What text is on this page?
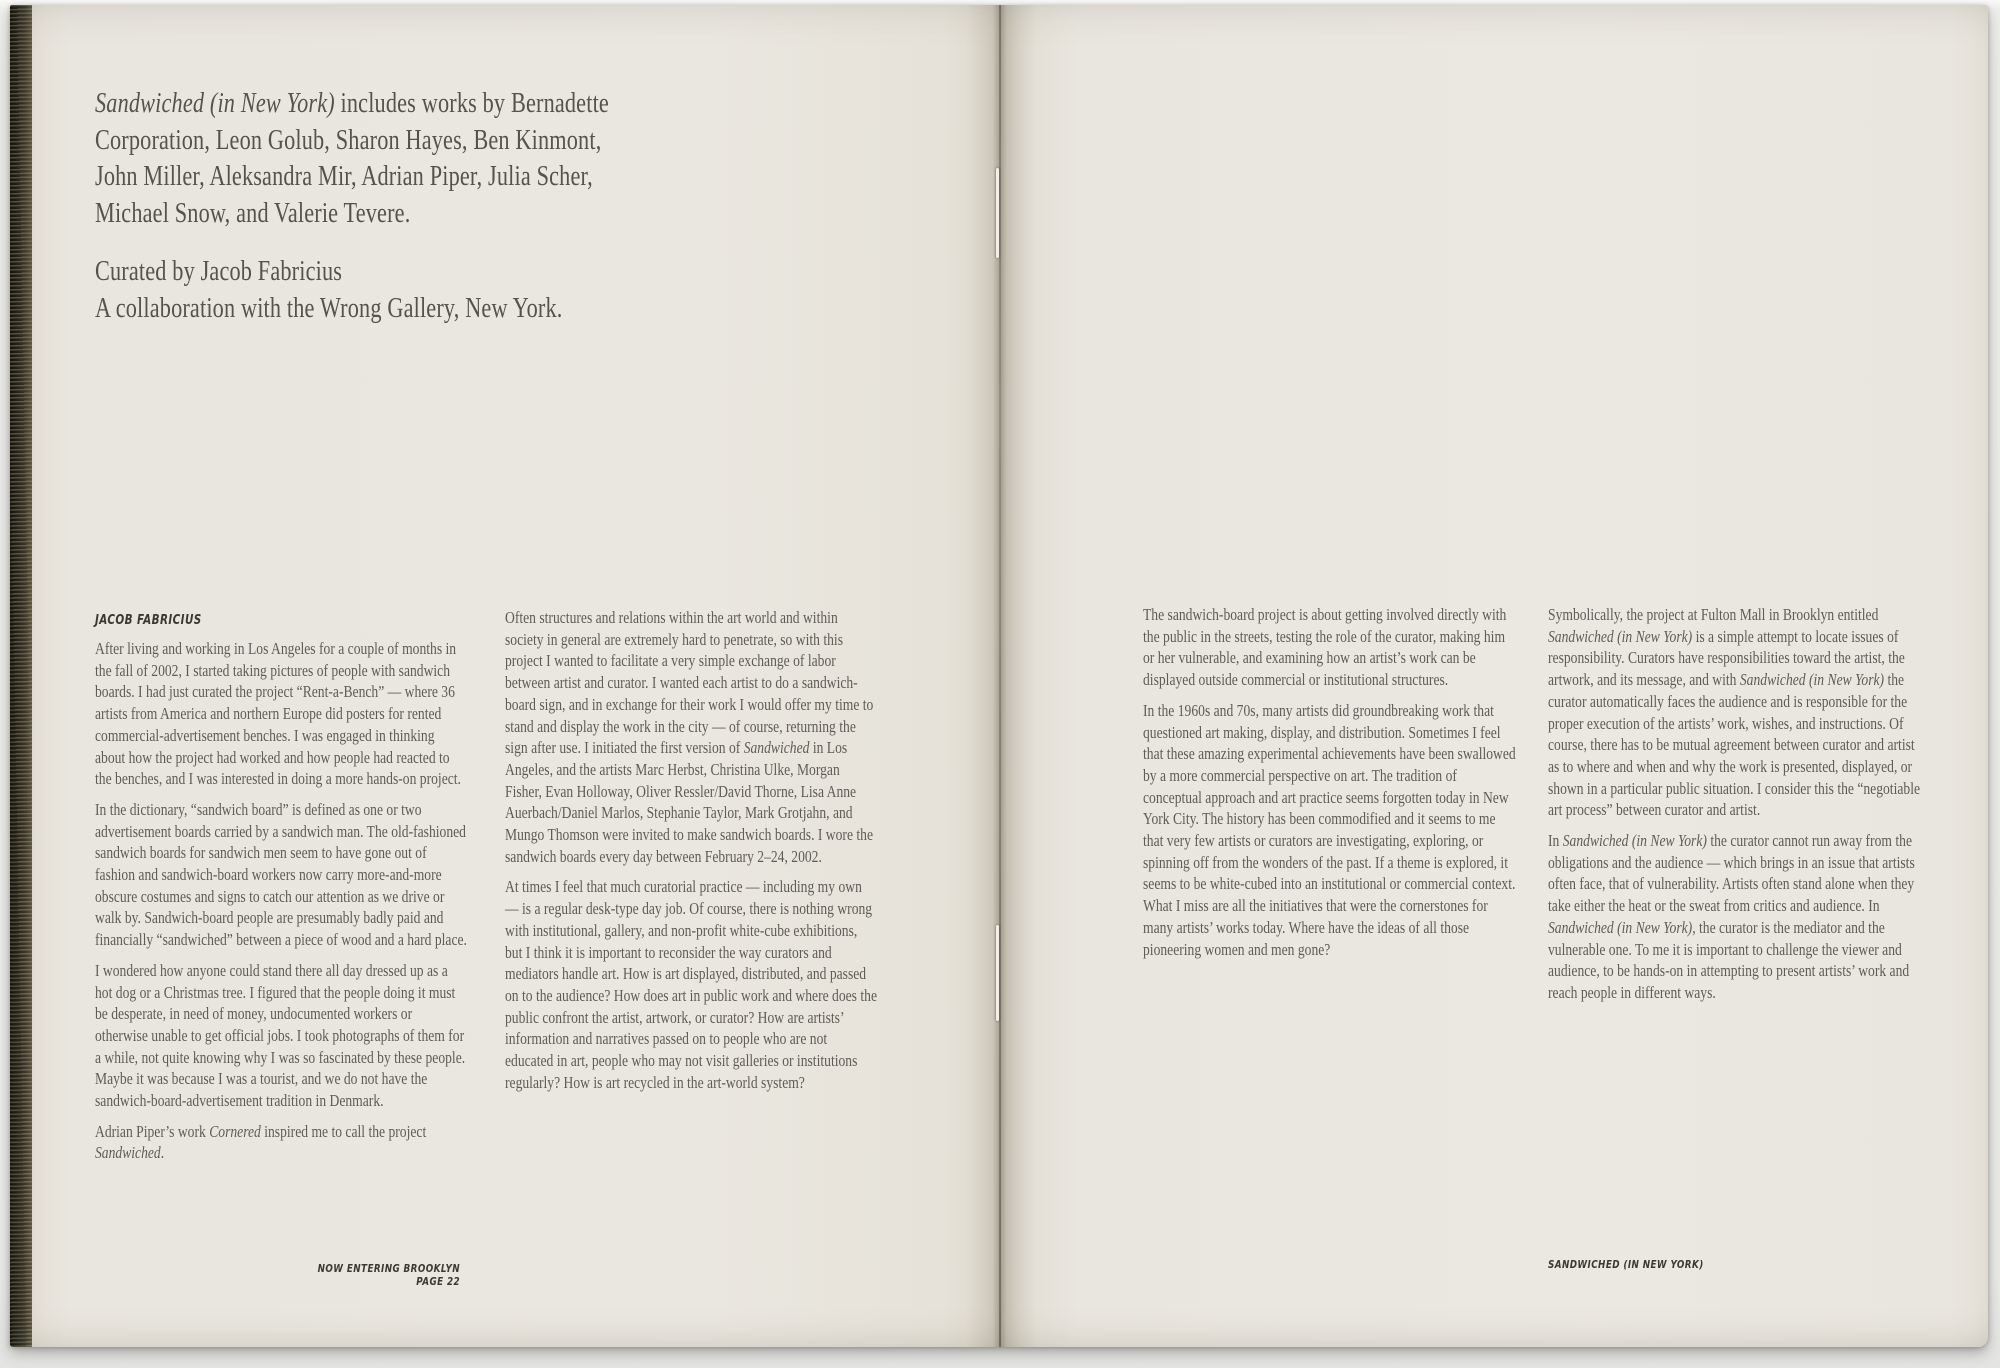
Sandwiched (in New York) includes works by Bernadette

Corporation, Leon Golub, Sharon Hayes, Ben Kinmont,

John Miller, Aleksandra Mir, Adrian Piper, Julia Scher,

Michael Snow, and Valerie Tevere.

Curated by Jacob Fabricius

A collaboration with the Wrong Gallery, New York.

JACOB FABRICIUS

After living and working in Los Angeles for a couple of months in the fall of 2002, I started taking pictures of people with sandwich boards. I had just curated the project “Rent-a-Bench” — where 36 artists from America and northern Europe did posters for rented commercial-advertisement benches. I was engaged in thinking about how the project had worked and how people had reacted to the benches, and I was interested in doing a more hands-on project.

In the dictionary, “sandwich board” is defined as one or two advertisement boards carried by a sandwich man. The old-fashioned sandwich boards for sandwich men seem to have gone out of fashion and sandwich-board workers now carry more-and-more obscure costumes and signs to catch our attention as we drive or walk by. Sandwich-board people are presumably badly paid and financially “sandwiched” between a piece of wood and a hard place.

I wondered how anyone could stand there all day dressed up as a hot dog or a Christmas tree. I figured that the people doing it must be desperate, in need of money, undocumented workers or otherwise unable to get official jobs. I took photographs of them for a while, not quite knowing why I was so fascinated by these people. Maybe it was because I was a tourist, and we do not have the sandwich-board-advertisement tradition in Denmark.

Adrian Piper’s work Cornered inspired me to call the project Sandwiched.

Often structures and relations within the art world and within society in general are extremely hard to penetrate, so with this project I wanted to facilitate a very simple exchange of labor between artist and curator. I wanted each artist to do a sandwich-board sign, and in exchange for their work I would offer my time to stand and display the work in the city — of course, returning the sign after use. I initiated the first version of Sandwiched in Los Angeles, and the artists Marc Herbst, Christina Ulke, Morgan Fisher, Evan Holloway, Oliver Ressler/David Thorne, Lisa Anne Auerbach/Daniel Marlos, Stephanie Taylor, Mark Grotjahn, and Mungo Thomson were invited to make sandwich boards. I wore the sandwich boards every day between February 2–24, 2002.

At times I feel that much curatorial practice — including my own — is a regular desk-type day job. Of course, there is nothing wrong with institutional, gallery, and non-profit white-cube exhibitions, but I think it is important to reconsider the way curators and mediators handle art. How is art displayed, distributed, and passed on to the audience? How does art in public work and where does the public confront the artist, artwork, or curator? How are artists’ information and narratives passed on to people who are not educated in art, people who may not visit galleries or institutions regularly? How is art recycled in the art-world system?

NOW ENTERING BROOKLYN
PAGE 22

The sandwich-board project is about getting involved directly with the public in the streets, testing the role of the curator, making him or her vulnerable, and examining how an artist’s work can be displayed outside commercial or institutional structures.

In the 1960s and 70s, many artists did groundbreaking work that questioned art making, display, and distribution. Sometimes I feel that these amazing experimental achievements have been swallowed by a more commercial perspective on art. The tradition of conceptual approach and art practice seems forgotten today in New York City. The history has been commodified and it seems to me that very few artists or curators are investigating, exploring, or spinning off from the wonders of the past. If a theme is explored, it seems to be white-cubed into an institutional or commercial context. What I miss are all the initiatives that were the cornerstones for many artists’ works today. Where have the ideas of all those pioneering women and men gone?

Symbolically, the project at Fulton Mall in Brooklyn entitled Sandwiched (in New York) is a simple attempt to locate issues of responsibility. Curators have responsibilities toward the artist, the artwork, and its message, and with Sandwiched (in New York) the curator automatically faces the audience and is responsible for the proper execution of the artists’ work, wishes, and instructions. Of course, there has to be mutual agreement between curator and artist as to where and when and why the work is presented, displayed, or shown in a particular public situation. I consider this the “negotiable art process” between curator and artist.

In Sandwiched (in New York) the curator cannot run away from the obligations and the audience — which brings in an issue that artists often face, that of vulnerability. Artists often stand alone when they take either the heat or the sweat from critics and audience. In Sandwiched (in New York), the curator is the mediator and the vulnerable one. To me it is important to challenge the viewer and audience, to be hands-on in attempting to present artists’ work and reach people in different ways.

SANDWICHED (IN NEW YORK)
